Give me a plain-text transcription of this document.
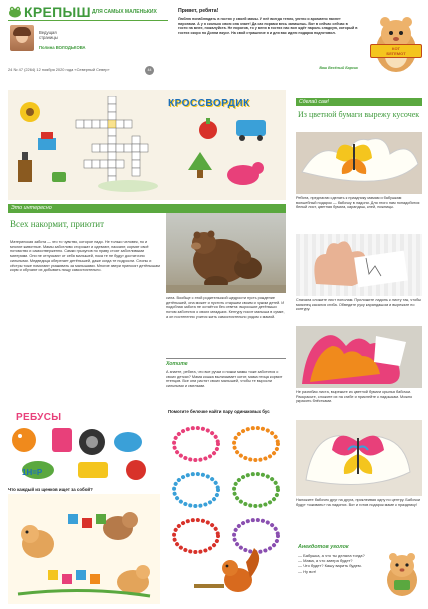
КРЕПЫШ ДЛЯ САМЫХ МАЛЕНЬКИХ
Ведущая
страницы
Полина ВОЛОДЬКОВА
24 № 47 (2264) 12 ноября 2020 года «Северный Север»	44
Привет, ребята!
Люблю понаблюдать в гостях у своей мамы. У неё всегда тепло, уютно и ароматно пахнет пирогами. А у я сколько свою она знает! Да сах порами весь запишешь. Вот в сейчас сейчас в гости на мнее, пожалуйста. Не пирогов, то у меня в гостях нас вон ждёт пароль сладкую, который в гостях скоро по Дэнни вкусе. На свой страшниче я и для вас идею подарка подготовил.
Ваш Весёлый Барсик
КОТ
БЕГЕМОТ
КРОССВОРДИК
Это интересно
Всех накормит, приютит
Материнская забота — это то чувство, которое надо. Не только человек, но и многие животные. Мамы заботливо сторожат и одевают, ласкают, кормят своё потомство и самоотверженно. Самки грызунов по праву стоят заботливыми матерями. Они не отпускают от себя малышей, пока те не будут достаточно сильными. Медведица оберегает детёнышей, даже когда те подросли. Слоны и сёстры тоже помогают ухаживать за малышами. Многие звери приносят детёнышам корм и обучают их добывать пищу самостоятельно.
сила. Вообще с этой родительской щедрости пусть рождение детёнышей, она может и пустить старшим своим и чужим детей. И подобная забота не остаётся без ответа: выросшие детёныши потом заботятся о своих младших. Кенгуру носит малыша в сумке, а он постепенно учится жить самостоятельно рядом с мамой.
Хотите
А знаете, ребята, что все ручки и ножки мамы тоже заботятся о своих детках? Мама кошка вылизывает котят, мама птица кормит птенцов. Все они растят своих малышей, чтобы те выросли сильными и смелыми.
РЕБУСЫ
1Н=Р
Что каждый из щенков ищет за собой?
Помогите белочке найти пару одинаковых бус
Сделай сам!
Из цветной бумаги вырежу кусочек
Ребята, предлагаю сделать к празднику мамам и бабушкам волшебный подарок — бабочку в ладони. Для этого нам понадобятся: белый лист, цветная бумага, карандаш, клей, ножницы.
Сначала сложите лист пополам. Приложите ладонь к листу так, чтобы мизинец касался сгиба. Обведите руку карандашом и вырежьте по контуру.
Не разгибая листа, вырежьте из цветной бумаги крылья бабочки. Раскрасьте, сложите их на сгибе и приклейте к ладошкам. Можно украсить блёстками.
Наложите бабочек друг на друга, приклеивая одну по центру. Бабочки будут «оживать» на ладонях. Вот и готов подарок маме к празднику!
Анекдотов уголок
— Бабушка, а что ты делала тогда?
— Мама, а что завтра будет?
— Что будет? Кашу варить будем.
— Ну вот!
